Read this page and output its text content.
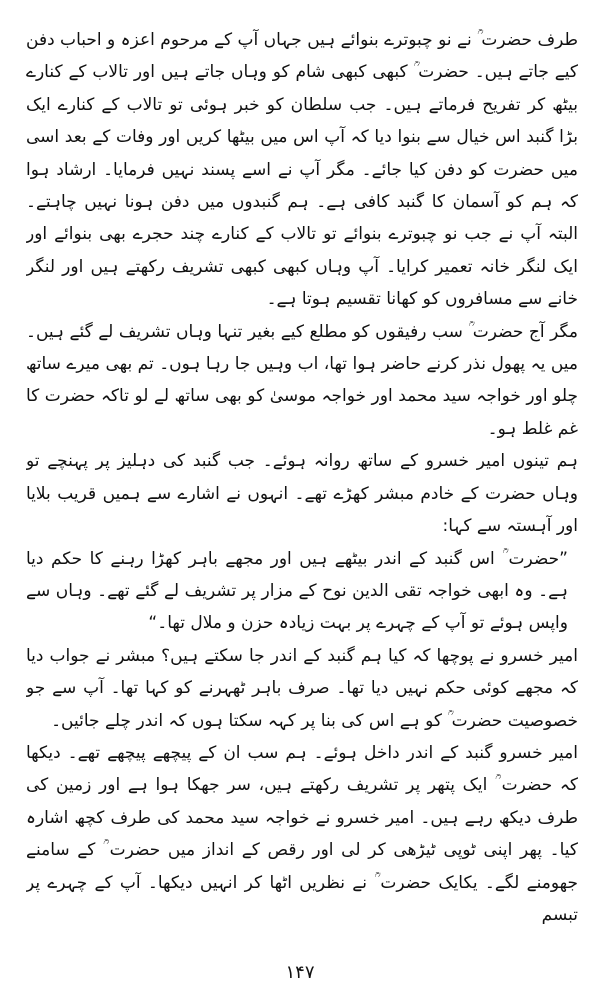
طرف حضرت ؒ نے نو چبوترے بنوائے ہیں جہاں آپ کے مرحوم اعزہ و احباب دفن کیے جاتے ہیں۔ حضرت ؒ کبھی کبھی شام کو وہاں جاتے ہیں اور تالاب کے کنارے بیٹھ کر تفریح فرماتے ہیں۔ جب سلطان کو خبر ہوئی تو تالاب کے کنارے ایک بڑا گنبد اس خیال سے بنوا دیا کہ آپ اس میں بیٹھا کریں اور وفات کے بعد اسی میں حضرت کو دفن کیا جائے۔ مگر آپ نے اسے پسند نہیں فرمایا۔ ارشاد ہوا کہ ہم کو آسمان کا گنبد کافی ہے۔ ہم گنبدوں میں دفن ہونا نہیں چاہتے۔ البتہ آپ نے جب نو چبوترے بنوائے تو تالاب کے کنارے چند حجرے بھی بنوائے اور ایک لنگر خانہ تعمیر کرایا۔ آپ وہاں کبھی کبھی تشریف رکھتے ہیں اور لنگر خانے سے مسافروں کو کھانا تقسیم ہوتا ہے۔

مگر آج حضرت ؒ سب رفیقوں کو مطلع کیے بغیر تنہا وہاں تشریف لے گئے ہیں۔ میں یہ پھول نذر کرنے حاضر ہوا تھا، اب وہیں جا رہا ہوں۔ تم بھی میرے ساتھ چلو اور خواجہ سید محمد اور خواجہ موسیٰ کو بھی ساتھ لے لو تاکہ حضرت کا غم غلط ہو۔

ہم تینوں امیر خسرو کے ساتھ روانہ ہوئے۔ جب گنبد کی دہلیز پر پہنچے تو وہاں حضرت کے خادم مبشر کھڑے تھے۔ انہوں نے اشارے سے ہمیں قریب بلایا اور آہستہ سے کہا:

”حضرت ؒ اس گنبد کے اندر بیٹھے ہیں اور مجھے باہر کھڑا رہنے کا حکم دیا ہے۔ وہ ابھی خواجہ تقی الدین نوح کے مزار پر تشریف لے گئے تھے۔ وہاں سے واپس ہوئے تو آپ کے چہرے پر بہت زیادہ حزن و ملال تھا۔“

امیر خسرو نے پوچھا کہ کیا ہم گنبد کے اندر جا سکتے ہیں؟ مبشر نے جواب دیا کہ مجھے کوئی حکم نہیں دیا تھا۔ صرف باہر ٹھہرنے کو کہا تھا۔ آپ سے جو خصوصیت حضرت ؒ کو ہے اس کی بنا پر کہہ سکتا ہوں کہ اندر چلے جائیں۔

امیر خسرو گنبد کے اندر داخل ہوئے۔ ہم سب ان کے پیچھے پیچھے تھے۔ دیکھا کہ حضرت ؒ ایک پتھر پر تشریف رکھتے ہیں، سر جھکا ہوا ہے اور زمین کی طرف دیکھ رہے ہیں۔ امیر خسرو نے خواجہ سید محمد کی طرف کچھ اشارہ کیا۔ پھر اپنی ٹوپی ٹیڑھی کر لی اور رقص کے انداز میں حضرت ؒ کے سامنے جھومنے لگے۔ یکایک حضرت ؒ نے نظریں اٹھا کر انہیں دیکھا۔ آپ کے چہرے پر تبسم

۱۴۷
